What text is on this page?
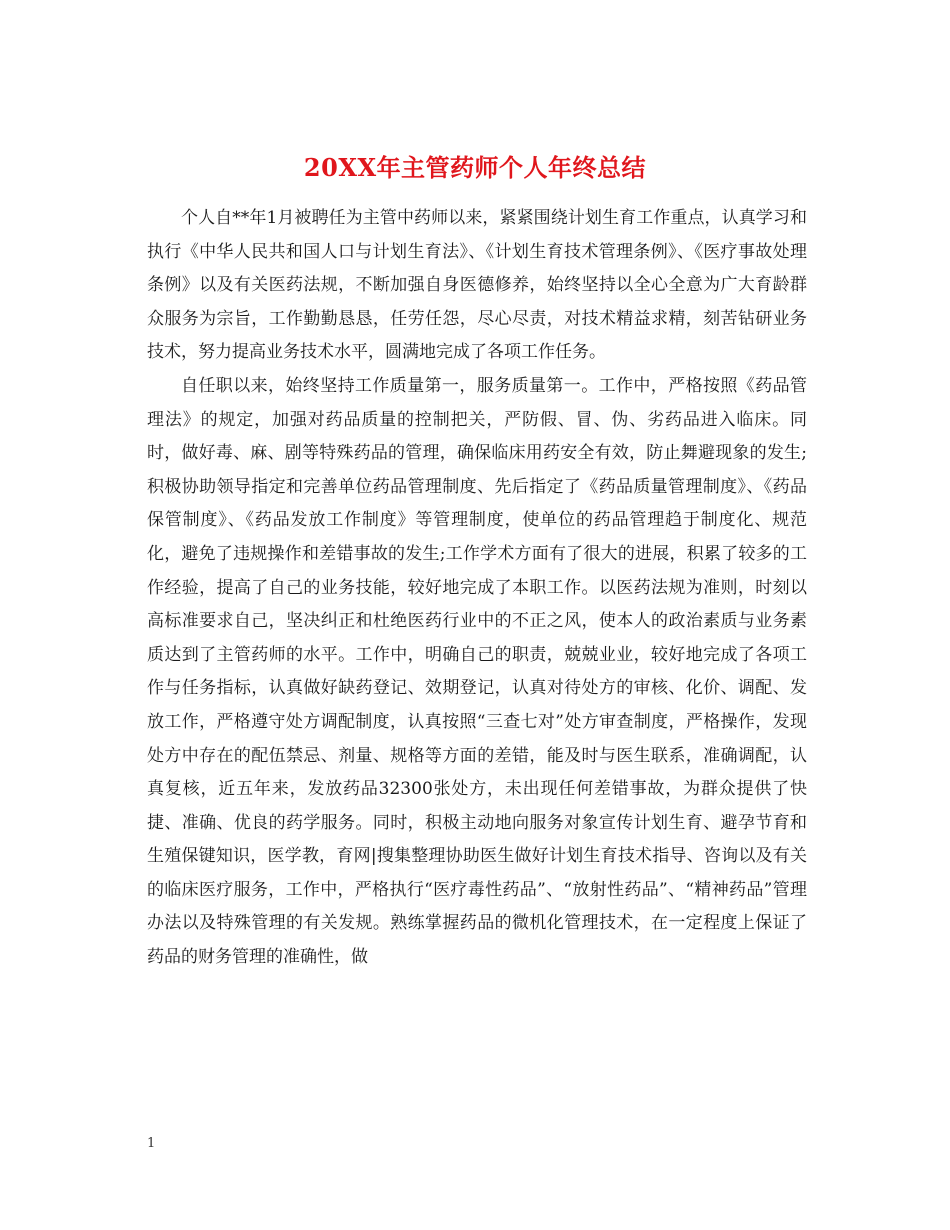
20XX年主管药师个人年终总结

个人自**年1月被聘任为主管中药师以来，紧紧围绕计划生育工作重点，认真学习和执行《中华人民共和国人口与计划生育法》、《计划生育技术管理条例》、《医疗事故处理条例》以及有关医药法规，不断加强自身医德修养，始终坚持以全心全意为广大育龄群众服务为宗旨，工作勤勤恳恳，任劳任怨，尽心尽责，对技术精益求精，刻苦钻研业务技术，努力提高业务技术水平，圆满地完成了各项工作任务。

自任职以来，始终坚持工作质量第一，服务质量第一。工作中，严格按照《药品管理法》的规定，加强对药品质量的控制把关，严防假、冒、伪、劣药品进入临床。同时，做好毒、麻、剧等特殊药品的管理，确保临床用药安全有效，防止舞避现象的发生;积极协助领导指定和完善单位药品管理制度、先后指定了《药品质量管理制度》、《药品保管制度》、《药品发放工作制度》等管理制度，使单位的药品管理趋于制度化、规范化，避免了违规操作和差错事故的发生;工作学术方面有了很大的进展，积累了较多的工作经验，提高了自己的业务技能，较好地完成了本职工作。以医药法规为准则，时刻以高标准要求自己，坚决纠正和杜绝医药行业中的不正之风，使本人的政治素质与业务素质达到了主管药师的水平。工作中，明确自己的职责，兢兢业业，较好地完成了各项工作与任务指标，认真做好缺药登记、效期登记，认真对待处方的审核、化价、调配、发放工作，严格遵守处方调配制度，认真按照“三查七对”处方审查制度，严格操作，发现处方中存在的配伍禁忌、剂量、规格等方面的差错，能及时与医生联系，准确调配，认真复核，近五年来，发放药品32300张处方，未出现任何差错事故，为群众提供了快捷、准确、优良的药学服务。同时，积极主动地向服务对象宣传计划生育、避孕节育和生殖保键知识，医学教，育网|搜集整理协助医生做好计划生育技术指导、咨询以及有关的临床医疗服务，工作中，严格执行“医疗毒性药品”、“放射性药品”、“精神药品”管理办法以及特殊管理的有关发规。熟练掌握药品的微机化管理技术，在一定程度上保证了药品的财务管理的准确性，做

1
